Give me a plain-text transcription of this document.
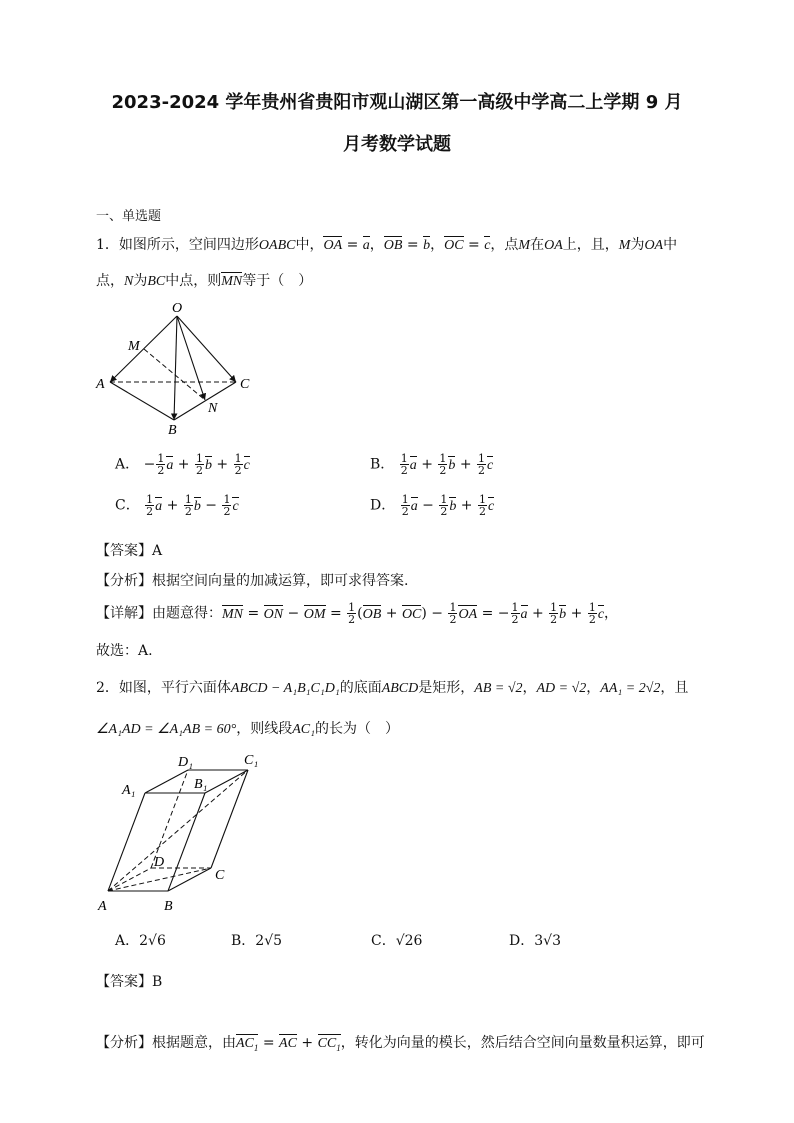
2023-2024 学年贵州省贵阳市观山湖区第一高级中学高二上学期 9 月
月考数学试题
一、单选题
1．如图所示，空间四边形OABC中，OA = a，OB = b，OC = c，点M在OA上，且，M为OA中
点，N为BC中点，则MN等于（　）
O
M
A	C
N
B
A． − $\frac{1}{2}$ $a + \frac{1}{2}$ $b + \frac{1}{2}$ c	B． $\frac{1}{2}$ $a + \frac{1}{2}$ $b + \frac{1}{2}$ c
C． $\frac{1}{2}$ $a + \frac{1}{2}$ $b - \frac{1}{2}$ c	D． $\frac{1}{2}$ $a - \frac{1}{2}$ $b + \frac{1}{2}$ c
【答案】A
【分析】根据空间向量的加减运算，即可求得答案.
【详解】由题意得：MN = ON − OM = $\frac{1}{2} (OB + OC) - \frac{1}{2}$ OA = − $\frac{1}{2}$ $a + \frac{1}{2}$ $b + \frac{1}{2}$ c，
故选：A.
2．如图，平行六面体ABCD − A₁B₁C₁D₁的底面ABCD是矩形，AB = √2，AD = √2，AA₁ = 2√2，且
∠A₁AD = ∠A₁AB = 60°，则线段AC₁的长为（　）
D₁	C₁
B₁
A₁
D
C
A	B
A．2√6	B．2√5	C．√26	D．3√3
【答案】B
【分析】根据题意，由$AC_1$ = AC + $CC_1$，转化为向量的模长，然后结合空间向量数量积运算，即可
